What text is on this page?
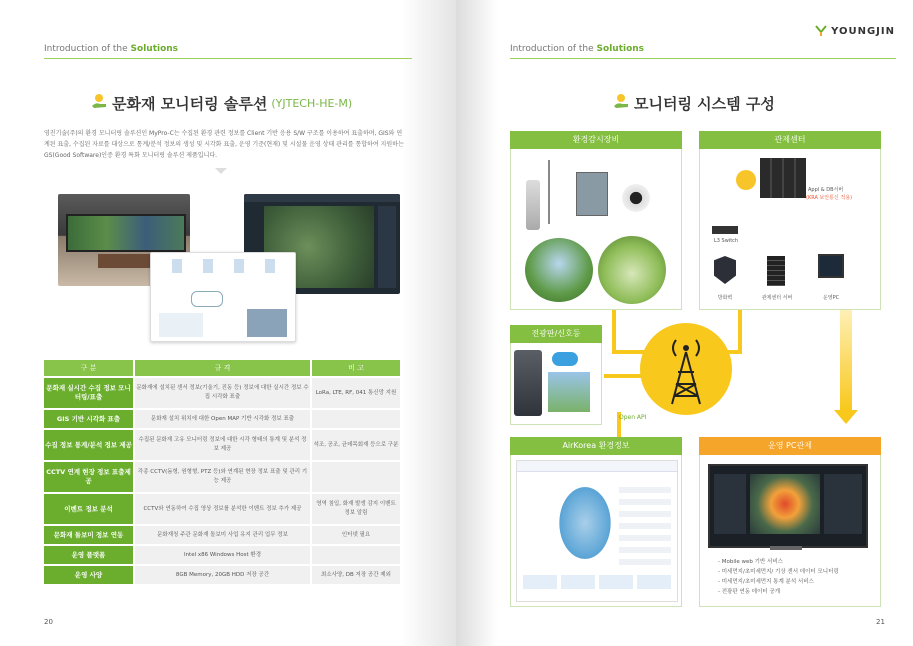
Introduction of the Solutions
문화재 모니터링 솔루션 (YJTECH-HE-M)
영진기술(주)의 환경 모니터링 솔루션인 MyPro-C는 수집된 환경 관련 정보를 Client 기반 응용 S/W 구조를 이용하여 표출하며, GIS와 연계된 표출, 수집된 자료를 대상으로 통계/분석 정보의 생성 및 시각화 표출, 운영 기준(현재) 및 시설물 운영 상태 관리를 통합하여 지원하는 GS(Good Software)인증 환경 특화 모니터링 솔루션 제품입니다.
구 분	규 격	비 고
문화재 실시간 수집 정보 모니터링/표출	문화재에 설치된 센서 정보(기울기, 진동 등) 정보에 대한 실시간 정보 수집 시각화 표출	LoRa, LTE, RF, 041 통신망 지원
GIS 기반 시각화 표출	문화재 설치 위치에 대한 Open MAP 기반 시각화 정보 표출	
수집 정보 통계/분석 정보 제공	수집된 문화재 고유 모니터링 정보에 대한 시각 형태의 통계 및 분석 정보 제공	석조, 공조, 균데목회재 등으로 구분
CCTV 연계 현장 정보 표출제공	각종 CCTV(돔형, 원형형, PTZ 등)와 연계된 현장 정보 표출 및 관리 기능 제공	
이벤트 정보 분석	CCTV와 연동하여 수집 영상 정보를 분석한 이벤트 정보 추가 제공	영역 침입, 화재 발생 감지 이벤트 정보 알림
문화재 돌보미 정보 연동	문화재청 주관 문화재 돌보미 사업 유지 관리 업무 정보	인터넷 필요
운영 플랫폼	Intel x86 Windows Host 환경	
운영 사양	8GB Memory, 20GB HDD 저장 공간	최소사양, DB 저장 공간 제외
20
Introduction of the Solutions
YOUNGJIN
모니터링 시스템 구성
환경감시장비	관제센터
Appl & DB서버
(KRA 보안통신 적용)
L3 Switch
방화벽	관제센터 서버	운영PC
전광판/신호등
Open API
AirKorea 환경정보	운영 PC관제
- Mobile web 기반 서비스
- 미세먼지/초미세먼지/ 기상 센서 데이터 모니터링
- 미세먼지/초미세먼지 통계 분석 서비스
- 전광판 연동 데이터 공개
21
